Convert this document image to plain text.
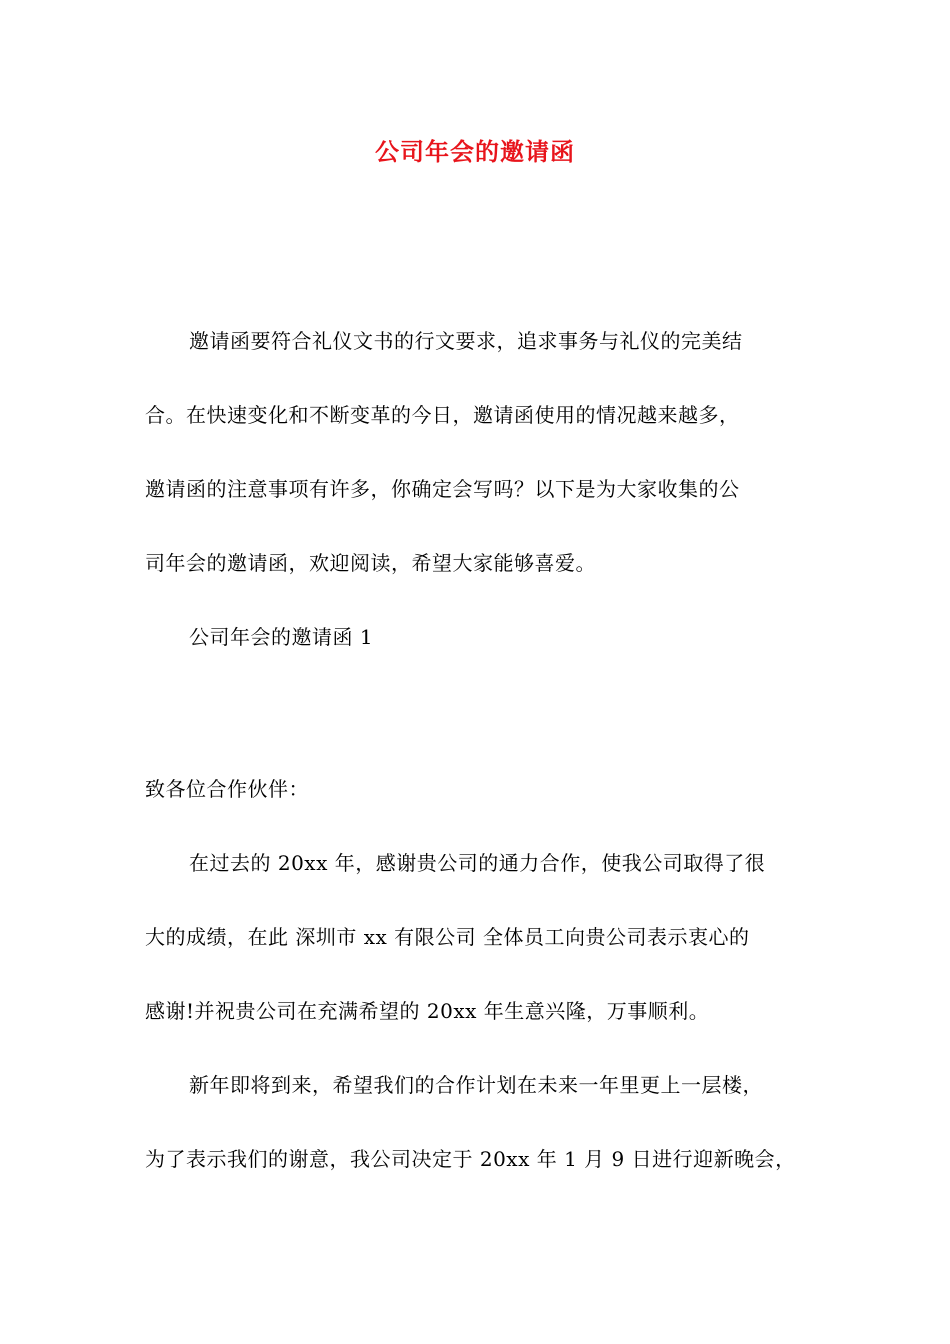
公司年会的邀请函

邀请函要符合礼仪文书的行文要求，追求事务与礼仪的完美结

合。在快速变化和不断变革的今日，邀请函使用的情况越来越多，

邀请函的注意事项有许多，你确定会写吗？以下是为大家收集的公

司年会的邀请函，欢迎阅读，希望大家能够喜爱。

公司年会的邀请函 1

致各位合作伙伴：

在过去的 20xx 年，感谢贵公司的通力合作，使我公司取得了很

大的成绩，在此 深圳市 xx 有限公司 全体员工向贵公司表示衷心的

感谢!并祝贵公司在充满希望的 20xx 年生意兴隆，万事顺利。

新年即将到来，希望我们的合作计划在未来一年里更上一层楼，

为了表示我们的谢意，我公司决定于 20xx 年 1 月 9 日进行迎新晚会，
